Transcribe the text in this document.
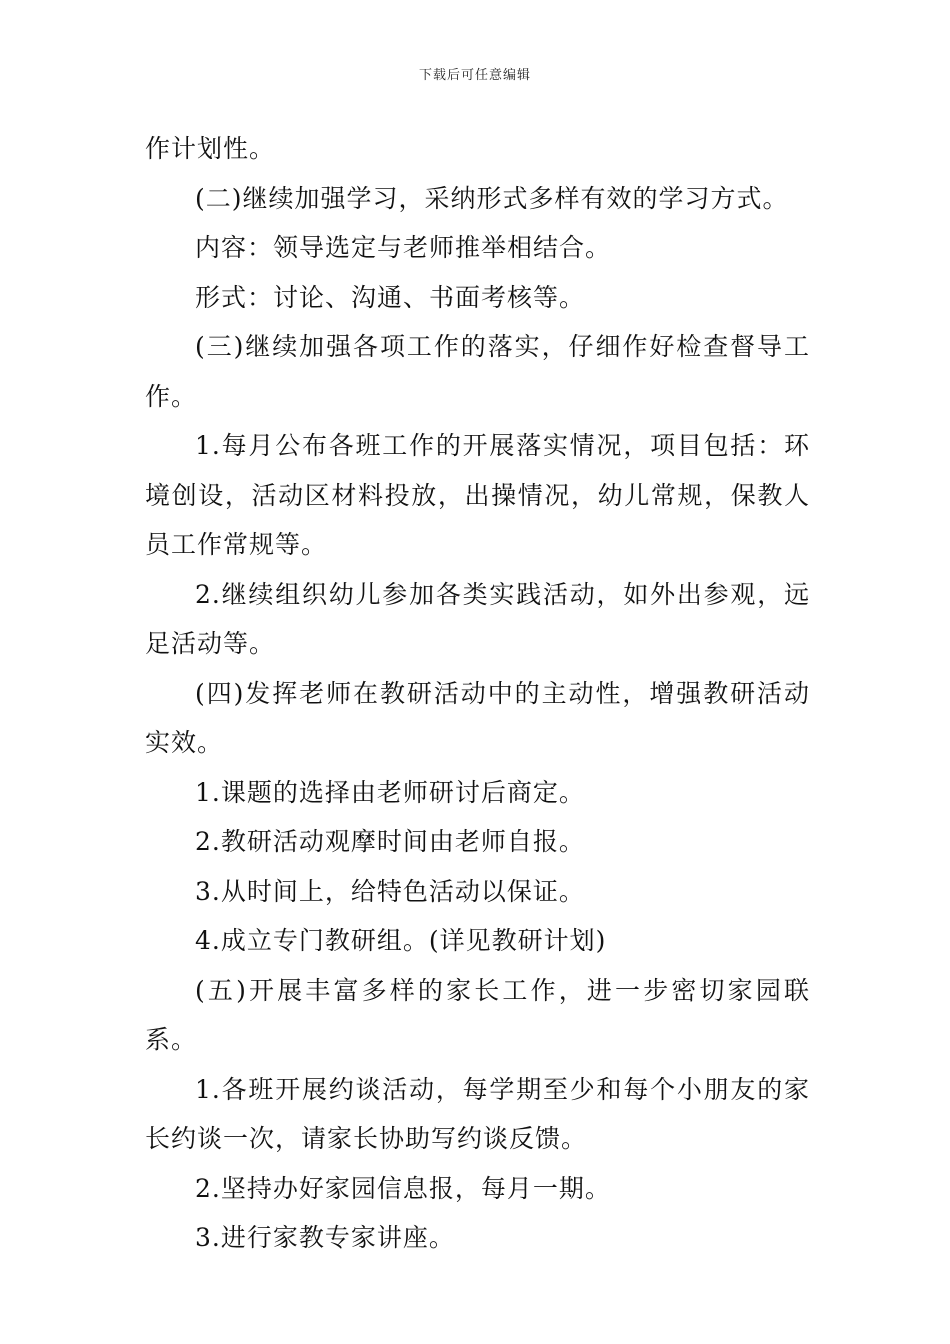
下载后可任意编辑

作计划性。

(二)继续加强学习，采纳形式多样有效的学习方式。

内容：领导选定与老师推举相结合。

形式：讨论、沟通、书面考核等。

(三)继续加强各项工作的落实，仔细作好检查督导工作。

1.每月公布各班工作的开展落实情况，项目包括：环境创设，活动区材料投放，出操情况，幼儿常规，保教人员工作常规等。

2.继续组织幼儿参加各类实践活动，如外出参观，远足活动等。

(四)发挥老师在教研活动中的主动性，增强教研活动实效。

1.课题的选择由老师研讨后商定。

2.教研活动观摩时间由老师自报。

3.从时间上，给特色活动以保证。

4.成立专门教研组。(详见教研计划)

(五)开展丰富多样的家长工作，进一步密切家园联系。

1.各班开展约谈活动，每学期至少和每个小朋友的家长约谈一次，请家长协助写约谈反馈。

2.坚持办好家园信息报，每月一期。

3.进行家教专家讲座。
